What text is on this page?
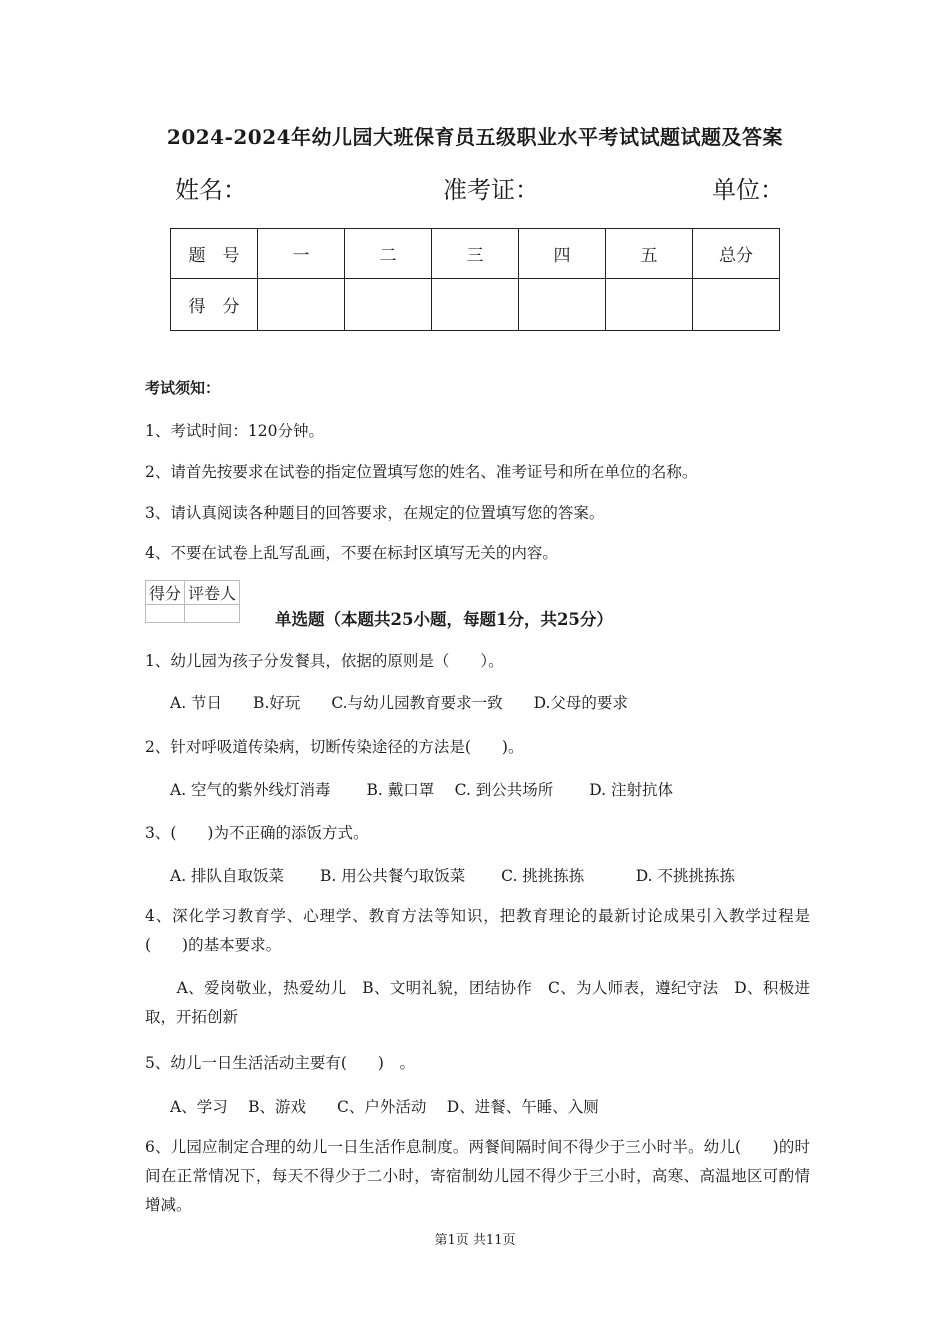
2024-2024年幼儿园大班保育员五级职业水平考试试题试题及答案
姓名：	准考证：	单位：
题　号	一	二	三	四	五	总分
得　分						
考试须知：
1、考试时间：120分钟。
2、请首先按要求在试卷的指定位置填写您的姓名、准考证号和所在单位的名称。
3、请认真阅读各种题目的回答要求，在规定的位置填写您的答案。
4、不要在试卷上乱写乱画，不要在标封区填写无关的内容。
得分	评卷人

单选题（本题共25小题，每题1分，共25分）
1、幼儿园为孩子分发餐具，依据的原则是（　　）。
A. 节日　　B.好玩　　C.与幼儿园教育要求一致　　D.父母的要求
2、针对呼吸道传染病，切断传染途径的方法是(　　)。
A. 空气的紫外线灯消毒　　 B. 戴口罩　 C. 到公共场所　　 D. 注射抗体
3、(　　)为不正确的添饭方式。
A. 排队自取饭菜　　 B. 用公共餐勺取饭菜　　 C. 挑挑拣拣　　　 D. 不挑挑拣拣
4、深化学习教育学、心理学、教育方法等知识，把教育理论的最新讨论成果引入教学过程是(　　)的基本要求。
　　A、爱岗敬业，热爱幼儿　B、文明礼貌，团结协作　C、为人师表，遵纪守法　D、积极进取，开拓创新
5、幼儿一日生活活动主要有(　　)　。
A、学习　 B、游戏　　C、户外活动　 D、进餐、午睡、入厕
6、儿园应制定合理的幼儿一日生活作息制度。两餐间隔时间不得少于三小时半。幼儿(　　)的时间在正常情况下，每天不得少于二小时，寄宿制幼儿园不得少于三小时，高寒、高温地区可酌情增减。
第1页 共11页
